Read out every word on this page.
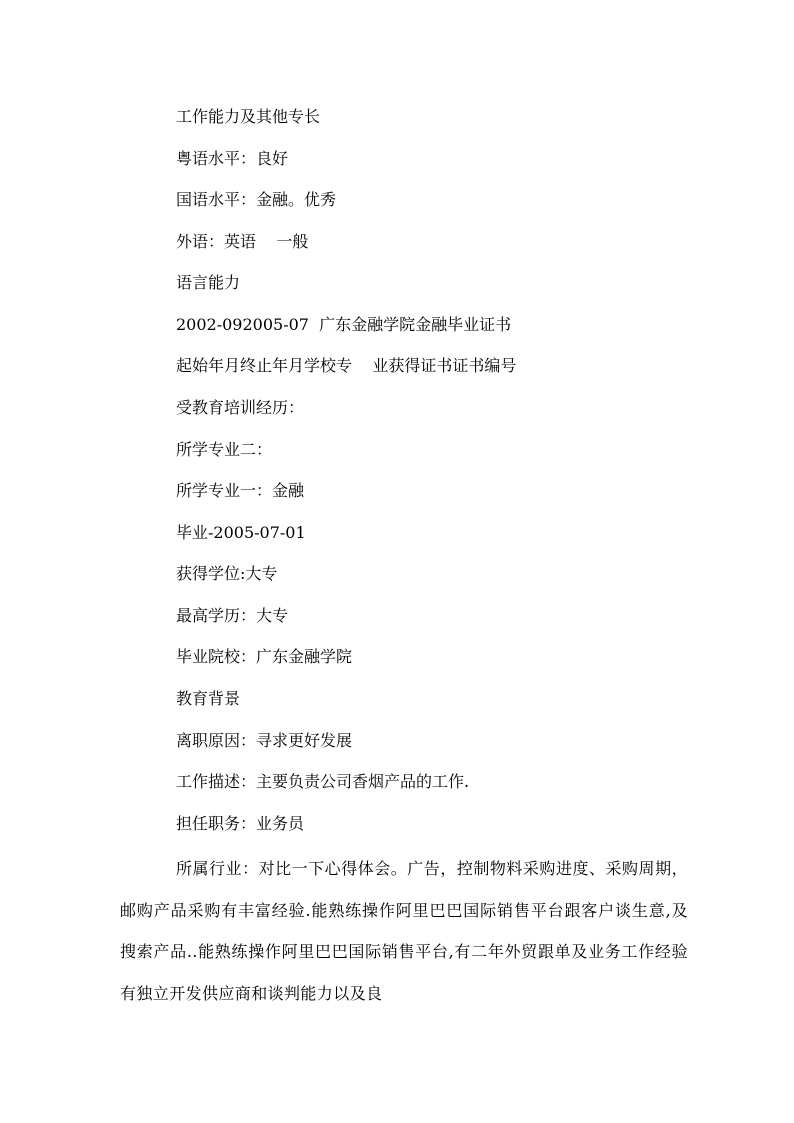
工作能力及其他专长
粤语水平：良好
国语水平：金融。优秀
外语：英语    一般
语言能力
2002-092005-07  广东金融学院金融毕业证书
起始年月终止年月学校专    业获得证书证书编号
受教育培训经历：
所学专业二：
所学专业一：金融
毕业-2005-07-01
获得学位:大专
最高学历：大专
毕业院校：广东金融学院
教育背景
离职原因：寻求更好发展
工作描述：主要负责公司香烟产品的工作.
担任职务：业务员
所属行业：对比一下心得体会。广告，控制物料采购进度、采购周期，邮购产品采购有丰富经验.能熟练操作阿里巴巴国际销售平台跟客户谈生意,及搜索产品..能熟练操作阿里巴巴国际销售平台,有二年外贸跟单及业务工作经验有独立开发供应商和谈判能力以及良
